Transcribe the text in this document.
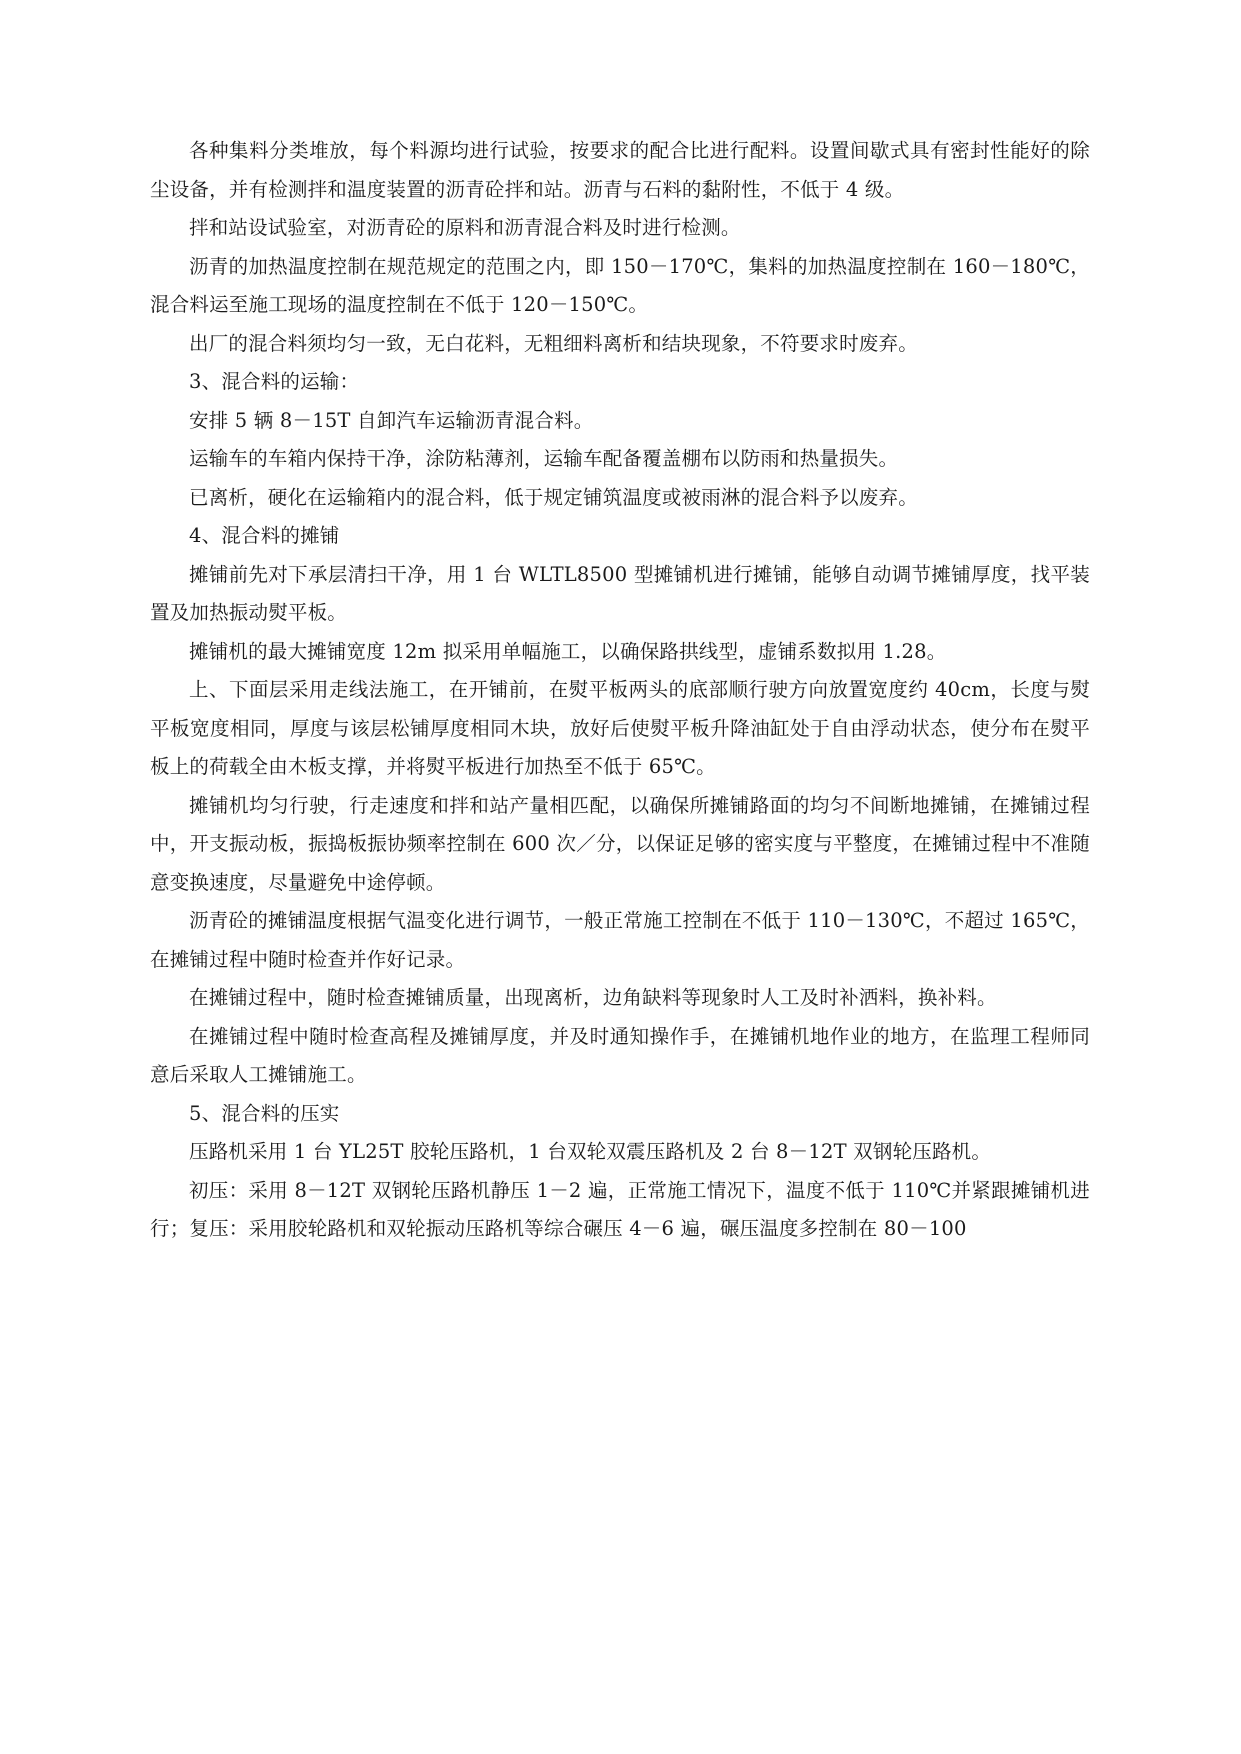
各种集料分类堆放，每个料源均进行试验，按要求的配合比进行配料。设置间歇式具有密封性能好的除尘设备，并有检测拌和温度装置的沥青砼拌和站。沥青与石料的黏附性，不低于 4 级。

拌和站设试验室，对沥青砼的原料和沥青混合料及时进行检测。

沥青的加热温度控制在规范规定的范围之内，即 150－170℃，集料的加热温度控制在 160－180℃，混合料运至施工现场的温度控制在不低于 120－150℃。

出厂的混合料须均匀一致，无白花料，无粗细料离析和结块现象，不符要求时废弃。

3、混合料的运输：

安排 5 辆 8－15T 自卸汽车运输沥青混合料。

运输车的车箱内保持干净，涂防粘薄剂，运输车配备覆盖棚布以防雨和热量损失。

已离析，硬化在运输箱内的混合料，低于规定铺筑温度或被雨淋的混合料予以废弃。

4、混合料的摊铺

摊铺前先对下承层清扫干净，用 1 台 WLTL8500 型摊铺机进行摊铺，能够自动调节摊铺厚度，找平装置及加热振动熨平板。

摊铺机的最大摊铺宽度 12m 拟采用单幅施工，以确保路拱线型，虚铺系数拟用 1.28。

上、下面层采用走线法施工，在开铺前，在熨平板两头的底部顺行驶方向放置宽度约 40cm，长度与熨平板宽度相同，厚度与该层松铺厚度相同木块，放好后使熨平板升降油缸处于自由浮动状态，使分布在熨平板上的荷载全由木板支撑，并将熨平板进行加热至不低于 65℃。

摊铺机均匀行驶，行走速度和拌和站产量相匹配，以确保所摊铺路面的均匀不间断地摊铺，在摊铺过程中，开支振动板，振捣板振协频率控制在 600 次／分，以保证足够的密实度与平整度，在摊铺过程中不准随意变换速度，尽量避免中途停顿。

沥青砼的摊铺温度根据气温变化进行调节，一般正常施工控制在不低于 110－130℃，不超过 165℃，在摊铺过程中随时检查并作好记录。

在摊铺过程中，随时检查摊铺质量，出现离析，边角缺料等现象时人工及时补洒料，换补料。

在摊铺过程中随时检查高程及摊铺厚度，并及时通知操作手，在摊铺机地作业的地方，在监理工程师同意后采取人工摊铺施工。

5、混合料的压实

压路机采用 1 台 YL25T 胶轮压路机，1 台双轮双震压路机及 2 台 8－12T 双钢轮压路机。

初压：采用 8－12T 双钢轮压路机静压 1－2 遍，正常施工情况下，温度不低于 110℃并紧跟摊铺机进行；复压：采用胶轮路机和双轮振动压路机等综合碾压 4－6 遍，碾压温度多控制在 80－100
